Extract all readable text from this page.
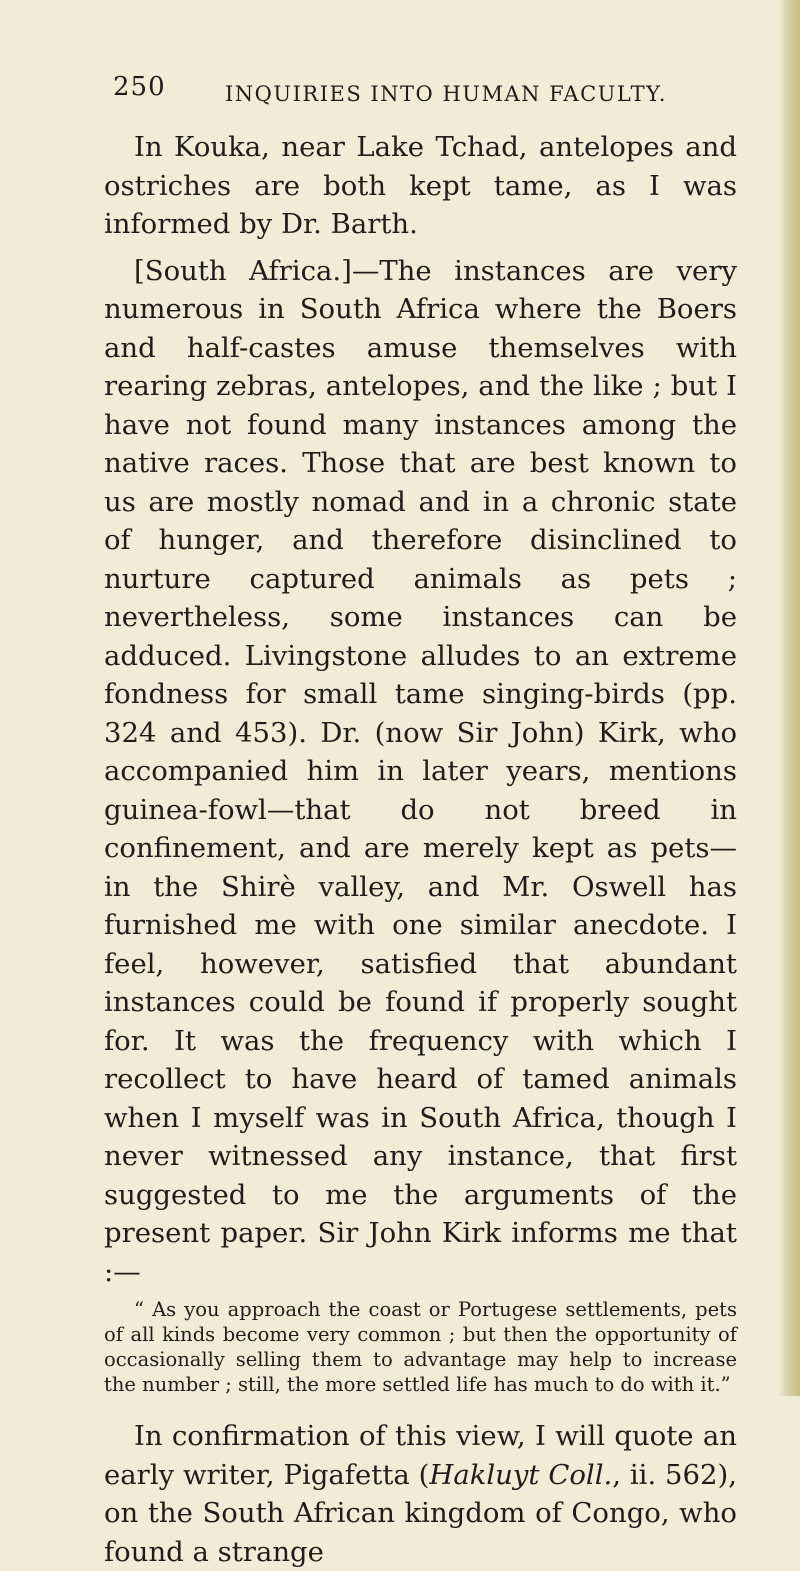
250	INQUIRIES INTO HUMAN FACULTY.

In Kouka, near Lake Tchad, antelopes and ostriches are both kept tame, as I was informed by Dr. Barth.

[South Africa.]—The instances are very numerous in South Africa where the Boers and half-castes amuse themselves with rearing zebras, antelopes, and the like ; but I have not found many instances among the native races. Those that are best known to us are mostly nomad and in a chronic state of hunger, and therefore disinclined to nurture captured animals as pets ; nevertheless, some instances can be adduced. Livingstone alludes to an extreme fondness for small tame singing-birds (pp. 324 and 453). Dr. (now Sir John) Kirk, who accompanied him in later years, mentions guinea-fowl—that do not breed in confinement, and are merely kept as pets—in the Shirè valley, and Mr. Oswell has furnished me with one similar anecdote. I feel, however, satisfied that abundant instances could be found if properly sought for. It was the frequency with which I recollect to have heard of tamed animals when I myself was in South Africa, though I never witnessed any instance, that first suggested to me the arguments of the present paper. Sir John Kirk informs me that :—

“ As you approach the coast or Portugese settlements, pets of all kinds become very common ; but then the opportunity of occasionally selling them to advantage may help to increase the number ; still, the more settled life has much to do with it.”

In confirmation of this view, I will quote an early writer, Pigafetta (Hakluyt Coll., ii. 562), on the South African kingdom of Congo, who found a strange
